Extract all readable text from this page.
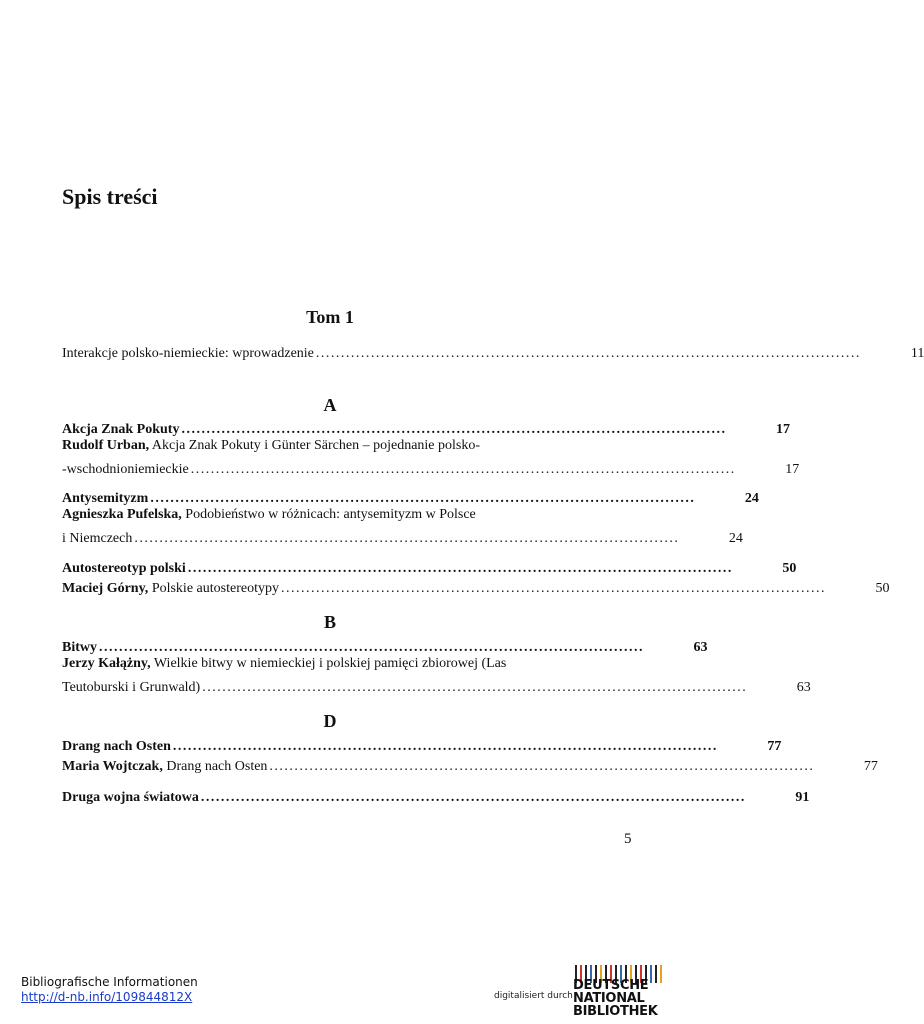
Spis treści
Tom 1
Interakcje polsko-niemieckie: wprowadzenie . . .	11
A
Akcja Znak Pokuty . . .	17
Rudolf Urban, Akcja Znak Pokuty i Günter Särchen – pojednanie polsko-
-wschodnioniemieckie . . .	17
Antysemityzm . . .	24
Agnieszka Pufelska, Podobieństwo w różnicach: antysemityzm w Polsce
i Niemczech . . .	24
Autostereotyp polski . . .	50
Maciej Górny, Polskie autostereotypy . . .	50
B
Bitwy . . .	63
Jerzy Kałążny, Wielkie bitwy w niemieckiej i polskiej pamięci zbiorowej (Las
Teutoburski i Grunwald) . . .	63
D
Drang nach Osten . . .	77
Maria Wojtczak, Drang nach Osten . . .	77
Druga wojna światowa . . .	91
5
Bibliografische Informationen
http://d-nb.info/109844812X	digitalisiert durch
DEUTSCHE
NATIONAL
BIBLIOTHEK
